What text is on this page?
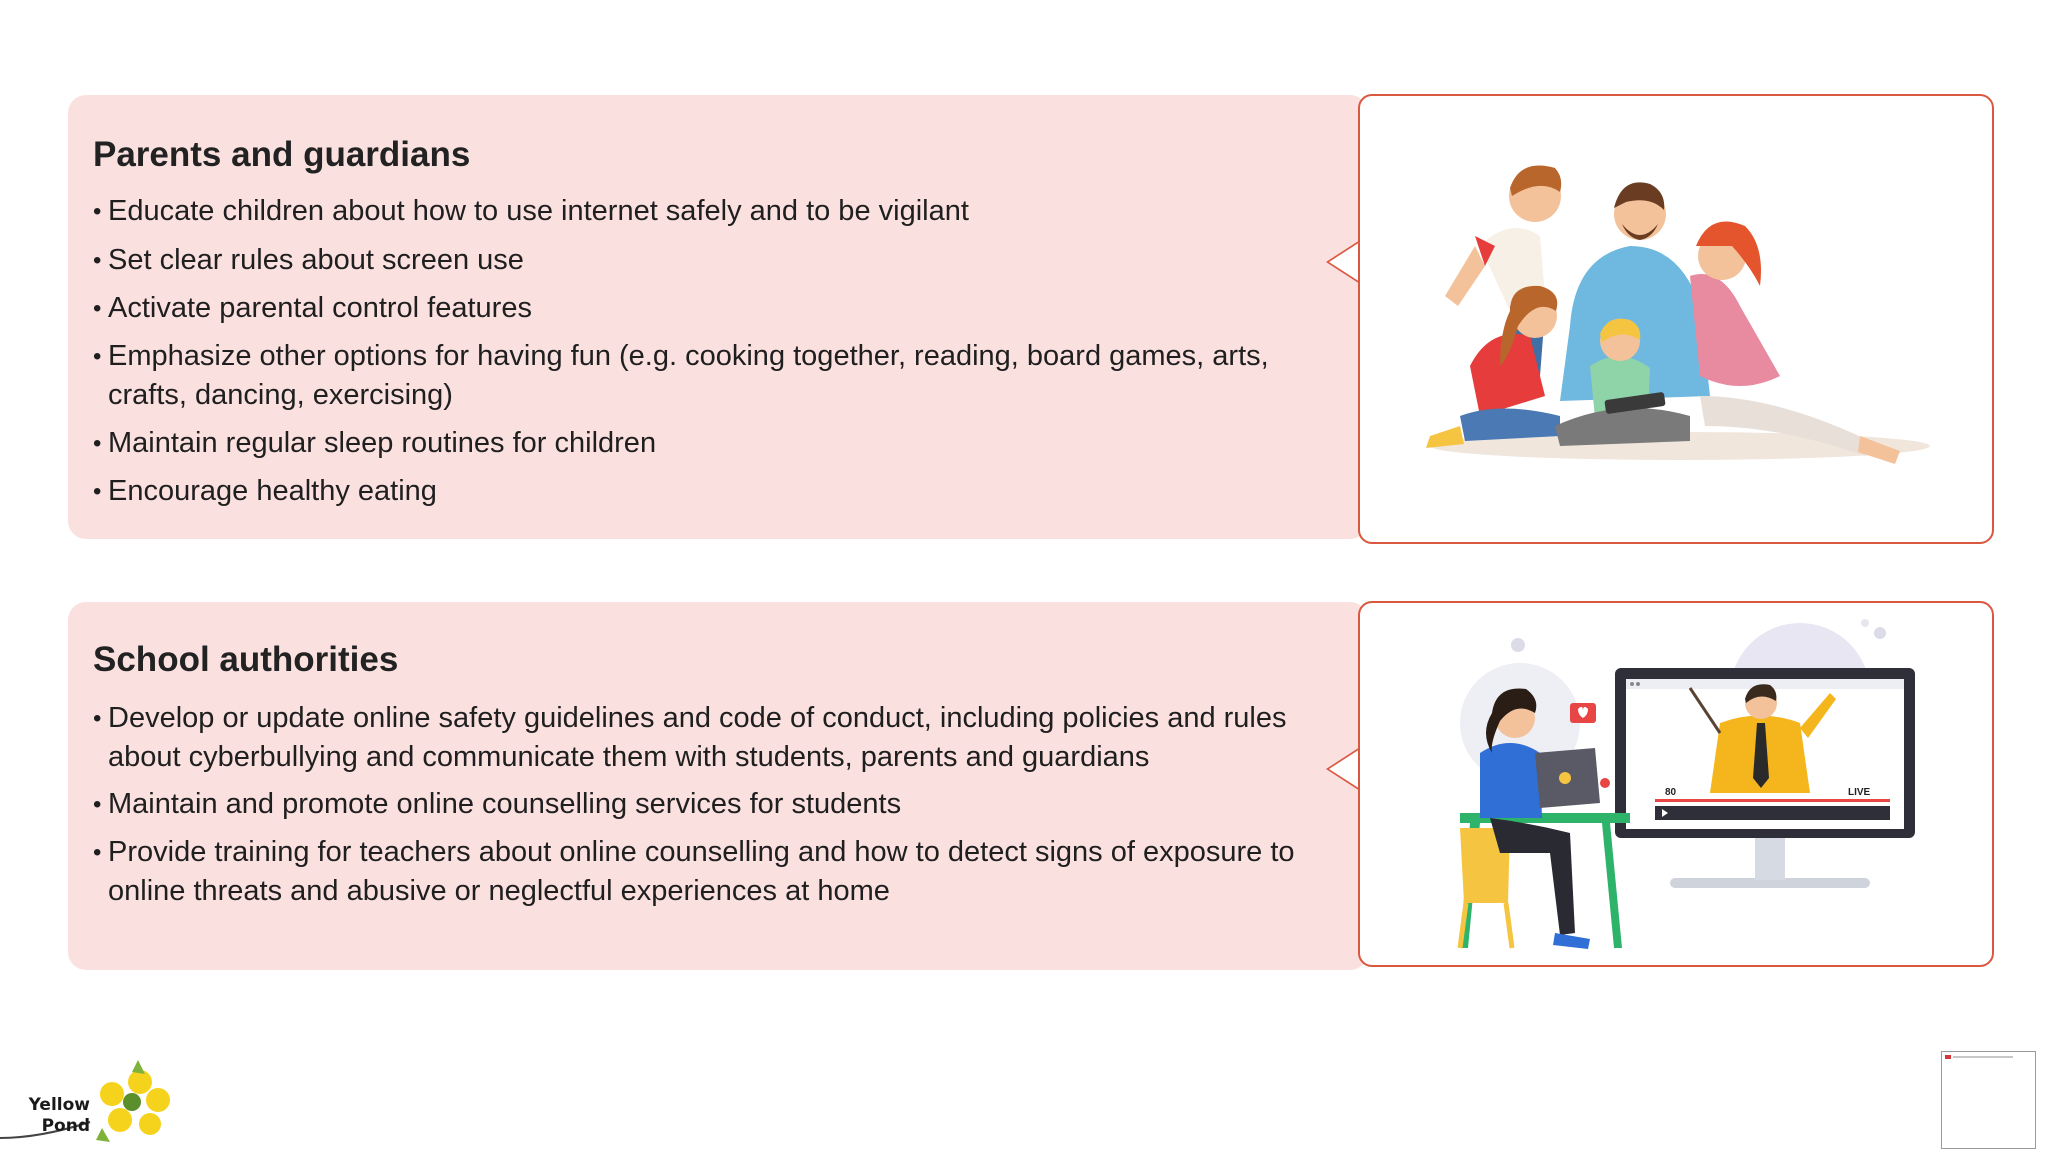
Parents and guardians
• Educate children about how to use internet safely and to be vigilant
• Set clear rules about screen use
• Activate parental control features
• Emphasize other options for having fun (e.g. cooking together, reading, board games, arts, crafts, dancing, exercising)
• Maintain regular sleep routines for children
• Encourage healthy eating
School authorities
• Develop or update online safety guidelines and code of conduct, including policies and rules about cyberbullying and communicate them with students, parents and guardians
• Maintain and promote online counselling services for students
• Provide training for teachers about online counselling and how to detect signs of exposure to online threats and abusive or neglectful experiences at home
80	LIVE
Yellow
Pond
